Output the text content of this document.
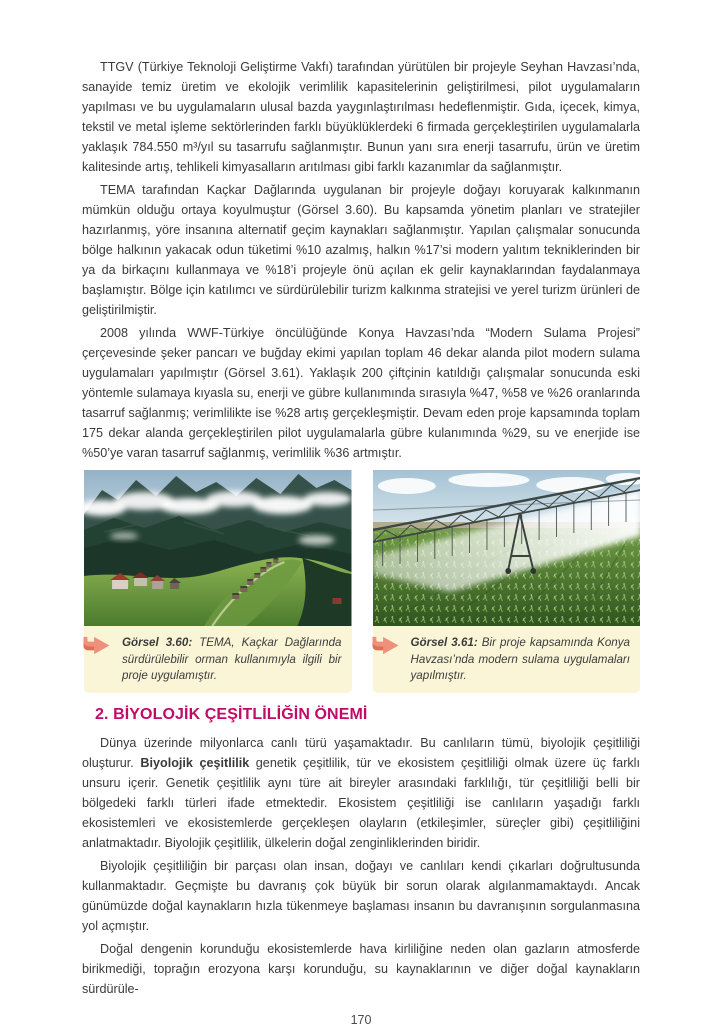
TTGV (Türkiye Teknoloji Geliştirme Vakfı) tarafından yürütülen bir projeyle Seyhan Havzası’nda, sanayide temiz üretim ve ekolojik verimlilik kapasitelerinin geliştirilmesi, pilot uygulamaların yapılması ve bu uygulamaların ulusal bazda yaygınlaştırılması hedeflenmiştir. Gıda, içecek, kimya, tekstil ve metal işleme sektörlerinden farklı büyüklüklerdeki 6 firmada gerçekleştirilen uygulamalarla yaklaşık 784.550 m³/yıl su tasarrufu sağlanmıştır. Bunun yanı sıra enerji tasarrufu, ürün ve üretim kalitesinde artış, tehlikeli kimyasalların arıtılması gibi farklı kazanımlar da sağlanmıştır.

TEMA tarafından Kaçkar Dağlarında uygulanan bir projeyle doğayı koruyarak kalkınmanın mümkün olduğu ortaya koyulmuştur (Görsel 3.60). Bu kapsamda yönetim planları ve stratejiler hazırlanmış, yöre insanına alternatif geçim kaynakları sağlanmıştır. Yapılan çalışmalar sonucunda bölge halkının yakacak odun tüketimi %10 azalmış, halkın %17’si modern yalıtım tekniklerinden bir ya da birkaçını kullanmaya ve %18’i projeyle önü açılan ek gelir kaynaklarından faydalanmaya başlamıştır. Bölge için katılımcı ve sürdürülebilir turizm kalkınma stratejisi ve yerel turizm ürünleri de geliştirilmiştir.

2008 yılında WWF-Türkiye öncülüğünde Konya Havzası’nda “Modern Sulama Projesi” çerçevesinde şeker pancarı ve buğday ekimi yapılan toplam 46 dekar alanda pilot modern sulama uygulamaları yapılmıştır (Görsel 3.61). Yaklaşık 200 çiftçinin katıldığı çalışmalar sonucunda eski yöntemle sulamaya kıyasla su, enerji ve gübre kullanımında sırasıyla %47, %58 ve %26 oranlarında tasarruf sağlanmış; verimlilikte ise %28 artış gerçekleşmiştir. Devam eden proje kapsamında toplam 175 dekar alanda gerçekleştirilen pilot uygulamalarla gübre kulanımında %29, su ve enerjide ise %50’ye varan tasarruf sağlanmış, verimlilik %36 artmıştır.

Görsel 3.60: TEMA, Kaçkar Dağlarında sürdürülebilir orman kullanımıyla ilgili bir proje uygulamıştır.
Görsel 3.61: Bir proje kapsamında Konya Havzası’nda modern sulama uygulamaları yapılmıştır.
2. BİYOLOJİK ÇEŞİTLİLİĞİN ÖNEMİ

Dünya üzerinde milyonlarca canlı türü yaşamaktadır. Bu canlıların tümü, biyolojik çeşitliliği oluşturur. Biyolojik çeşitlilik genetik çeşitlilik, tür ve ekosistem çeşitliliği olmak üzere üç farklı unsuru içerir. Genetik çeşitlilik aynı türe ait bireyler arasındaki farklılığı, tür çeşitliliği belli bir bölgedeki farklı türleri ifade etmektedir. Ekosistem çeşitliliği ise canlıların yaşadığı farklı ekosistemleri ve ekosistemlerde gerçekleşen olayların (etkileşimler, süreçler gibi) çeşitliliğini anlatmaktadır. Biyolojik çeşitlilik, ülkelerin doğal zenginliklerinden biridir.

Biyolojik çeşitliliğin bir parçası olan insan, doğayı ve canlıları kendi çıkarları doğrultusunda kullanmaktadır. Geçmişte bu davranış çok büyük bir sorun olarak algılanmamaktaydı. Ancak günümüzde doğal kaynakların hızla tükenmeye başlaması insanın bu davranışının sorgulanmasına yol açmıştır.

Doğal dengenin korunduğu ekosistemlerde hava kirliliğine neden olan gazların atmosferde birikmediği, toprağın erozyona karşı korunduğu, su kaynaklarının ve diğer doğal kaynakların sürdürüle-

170
